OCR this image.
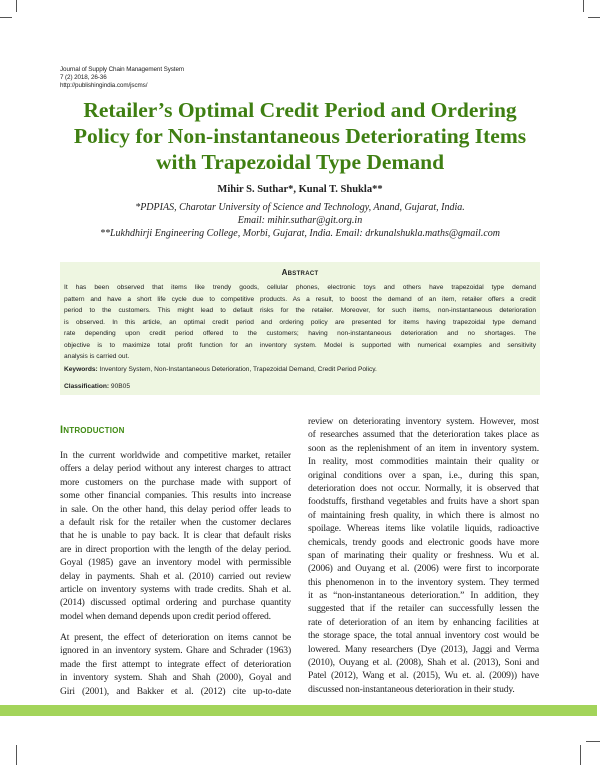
Journal of Supply Chain Management System
7 (2) 2018, 26-36
http://publishingindia.com/jscms/
Retailer’s Optimal Credit Period and Ordering
Policy for Non-instantaneous Deteriorating Items
with Trapezoidal Type Demand
Mihir S. Suthar*, Kunal T. Shukla**
*PDPIAS, Charotar University of Science and Technology, Anand, Gujarat, India.
Email: mihir.suthar@git.org.in
**Lukhdhirji Engineering College, Morbi, Gujarat, India. Email: drkunalshukla.maths@gmail.com
Abstract
It has been observed that items like trendy goods, cellular phones, electronic toys and others have trapezoidal type demand
pattern and have a short life cycle due to competitive products. As a result, to boost the demand of an item, retailer offers a credit
period to the customers. This might lead to default risks for the retailer. Moreover, for such items, non-instantaneous deterioration
is observed. In this article, an optimal credit period and ordering policy are presented for items having trapezoidal type demand
rate depending upon credit period offered to the customers; having non-instantaneous deterioration and no shortages. The
objective is to maximize total profit function for an inventory system. Model is supported with numerical examples and sensitivity
analysis is carried out.
Keywords: Inventory System, Non-Instantaneous Deterioration, Trapezoidal Demand, Credit Period Policy.
Classification: 90B05
Introduction
In the current worldwide and competitive market, retailer
offers a delay period without any interest charges to attract
more customers on the purchase made with support of
some other financial companies. This results into increase
in sale. On the other hand, this delay period offer leads to
a default risk for the retailer when the customer declares
that he is unable to pay back. It is clear that default risks
are in direct proportion with the length of the delay period.
Goyal (1985) gave an inventory model with permissible
delay in payments. Shah et al. (2010) carried out review
article on inventory systems with trade credits. Shah et al.
(2014) discussed optimal ordering and purchase quantity
model when demand depends upon credit period offered.
At present, the effect of deterioration on items cannot be
ignored in an inventory system. Ghare and Schrader (1963)
made the first attempt to integrate effect of deterioration
in inventory system. Shah and Shah (2000), Goyal and
Giri (2001), and Bakker et al. (2012) cite up-to-date
review on deteriorating inventory system. However, most
of researches assumed that the deterioration takes place as
soon as the replenishment of an item in inventory system.
In reality, most commodities maintain their quality or
original conditions over a span, i.e., during this span,
deterioration does not occur. Normally, it is observed that
foodstuffs, firsthand vegetables and fruits have a short span
of maintaining fresh quality, in which there is almost no
spoilage. Whereas items like volatile liquids, radioactive
chemicals, trendy goods and electronic goods have more
span of marinating their quality or freshness. Wu et al.
(2006) and Ouyang et al. (2006) were first to incorporate
this phenomenon in to the inventory system. They termed
it as “non-instantaneous deterioration.” In addition, they
suggested that if the retailer can successfully lessen the
rate of deterioration of an item by enhancing facilities at
the storage space, the total annual inventory cost would be
lowered. Many researchers (Dye (2013), Jaggi and Verma
(2010), Ouyang et al. (2008), Shah et al. (2013), Soni and
Patel (2012), Wang et al. (2015), Wu et. al. (2009)) have
discussed non-instantaneous deterioration in their study.
